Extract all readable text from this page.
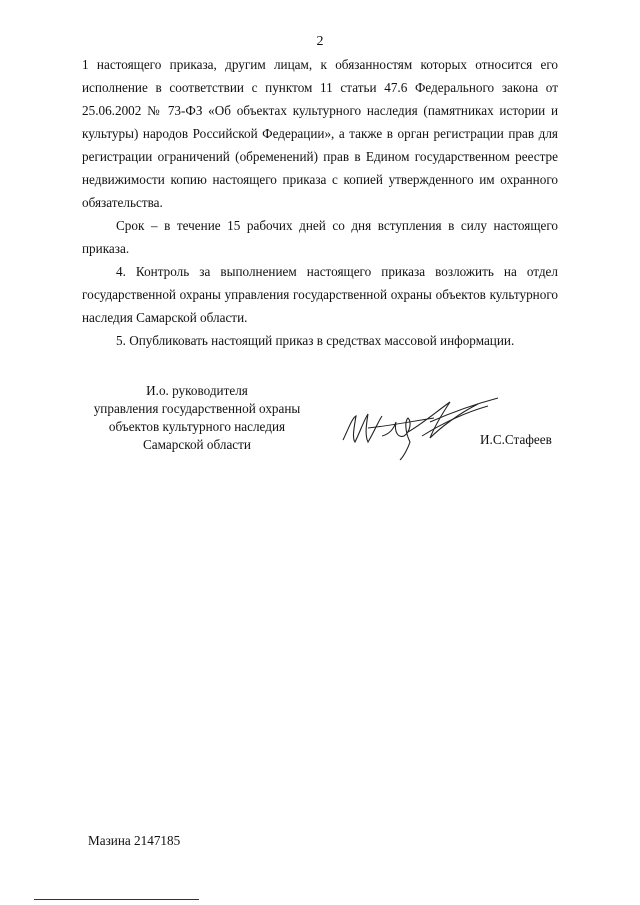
2

1 настоящего приказа, другим лицам, к обязанностям которых относится его исполнение в соответствии с пунктом 11 статьи 47.6 Федерального закона от 25.06.2002 № 73-ФЗ «Об объектах культурного наследия (памятниках истории и культуры) народов Российской Федерации», а также в орган регистрации прав для регистрации ограничений (обременений) прав в Едином государственном реестре недвижимости копию настоящего приказа с копией утвержденного им охранного обязательства.

Срок – в течение 15 рабочих дней со дня вступления в силу настоящего приказа.

4. Контроль за выполнением настоящего приказа возложить на отдел государственной охраны управления государственной охраны объектов культурного наследия Самарской области.

5. Опубликовать настоящий приказ в средствах массовой информации.

И.о. руководителя
управления государственной охраны
объектов культурного наследия
Самарской области	И.С.Стафеев
Мазина 2147185
